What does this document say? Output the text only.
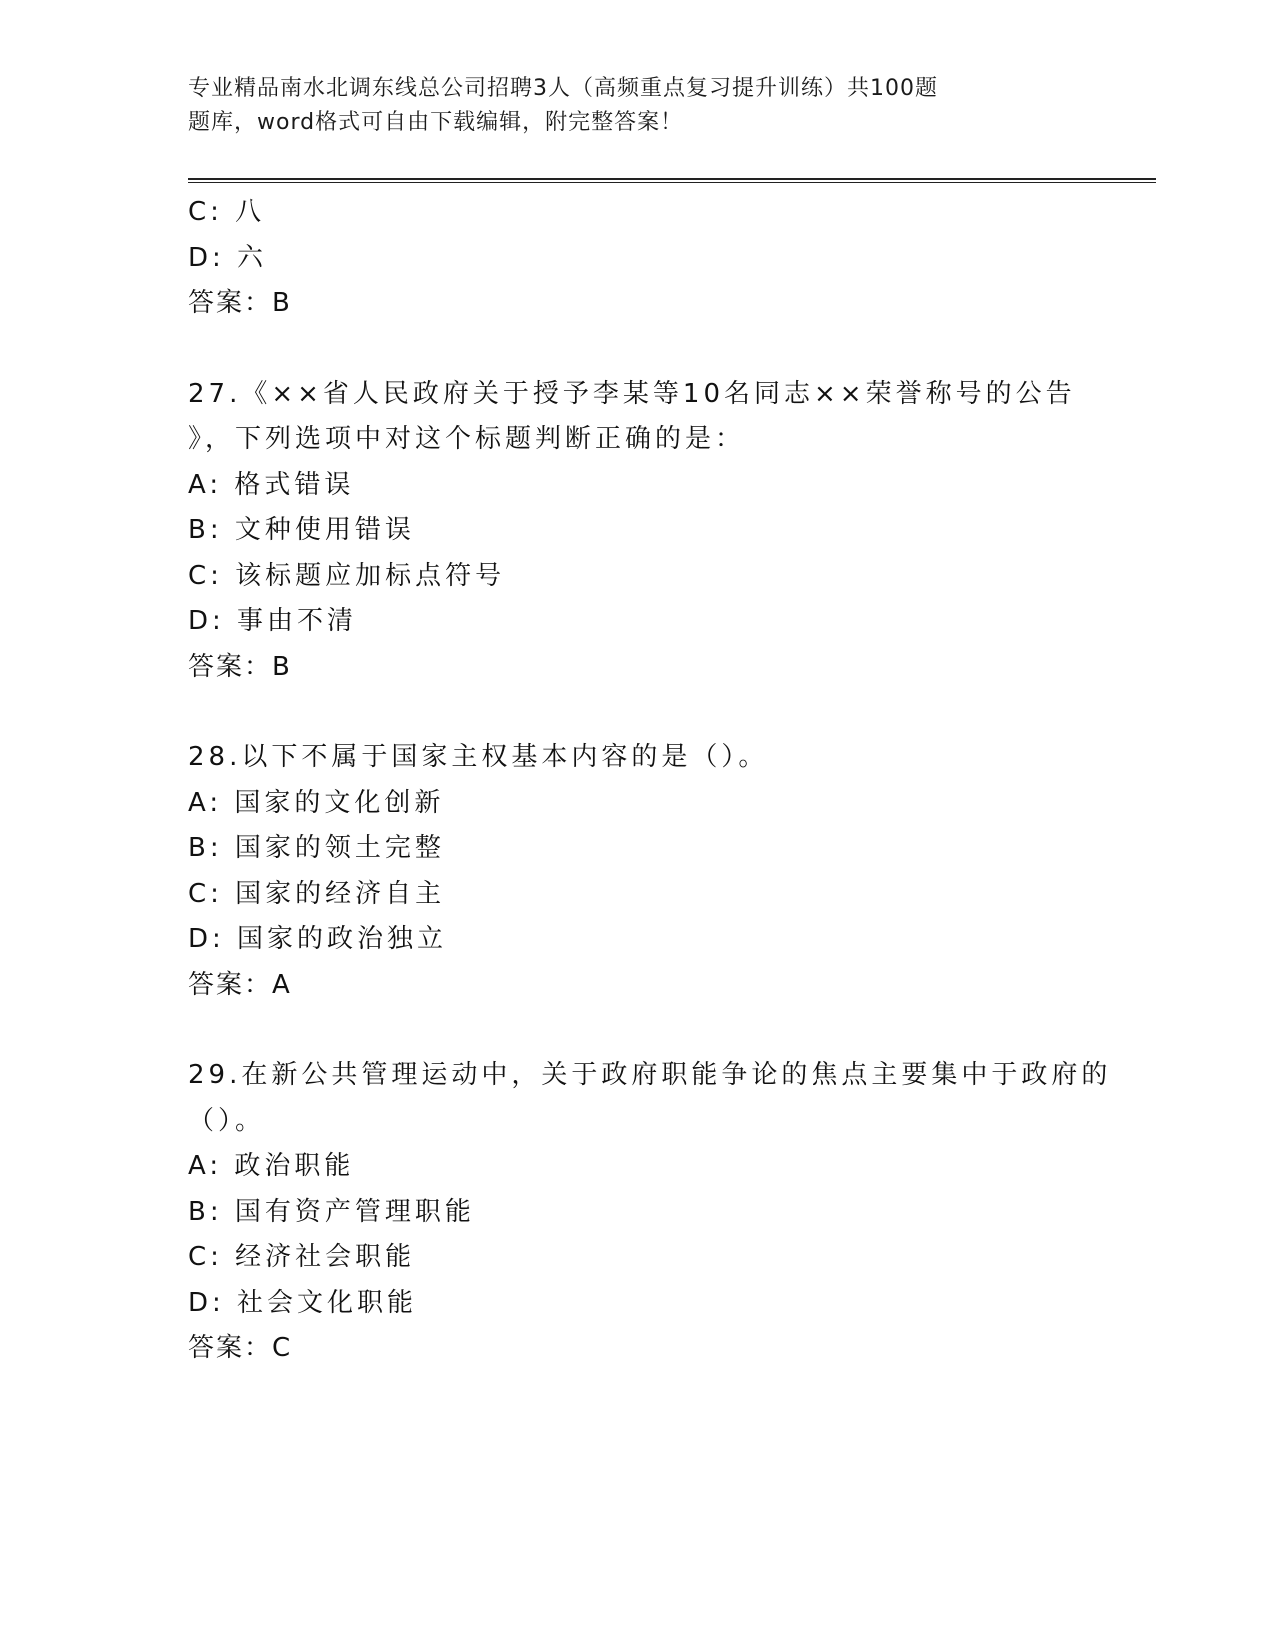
专业精品南水北调东线总公司招聘3人（高频重点复习提升训练）共100题
题库，word格式可自由下载编辑，附完整答案！
C: 八
D: 六
答案：B
27.《××省人民政府关于授予李某等10名同志××荣誉称号的公告
》，下列选项中对这个标题判断正确的是：
A: 格式错误
B: 文种使用错误
C: 该标题应加标点符号
D: 事由不清
答案：B
28.以下不属于国家主权基本内容的是（）。
A: 国家的文化创新
B: 国家的领土完整
C: 国家的经济自主
D: 国家的政治独立
答案：A
29.在新公共管理运动中，关于政府职能争论的焦点主要集中于政府的
（）。
A: 政治职能
B: 国有资产管理职能
C: 经济社会职能
D: 社会文化职能
答案：C
